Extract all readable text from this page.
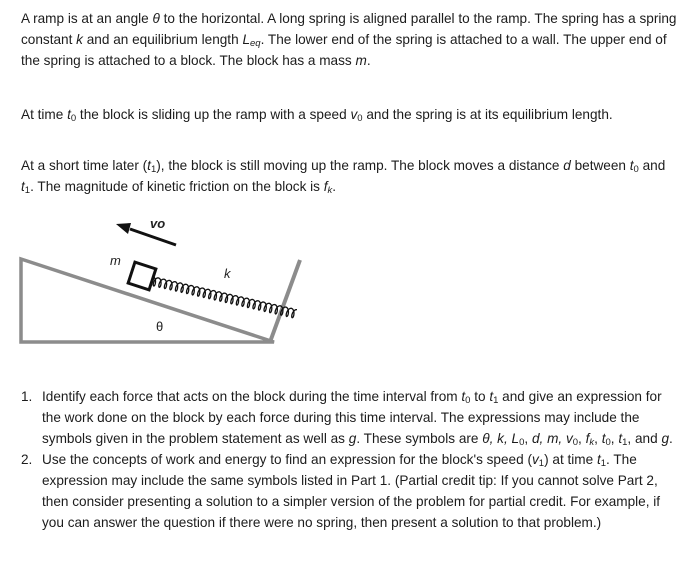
A ramp is at an angle θ to the horizontal. A long spring is aligned parallel to the ramp. The spring has a spring constant k and an equilibrium length $L_{eq}$. The lower end of the spring is attached to a wall. The upper end of the spring is attached to a block. The block has a mass m.

At time $t_0$ the block is sliding up the ramp with a speed $v_0$ and the spring is at its equilibrium length.

At a short time later $(t_1)$, the block is still moving up the ramp. The block moves a distance d between $t_0$ and $t_1$. The magnitude of kinetic friction on the block is $f_k$.

vo
m
k
θ
1. Identify each force that acts on the block during the time interval from $t_0$ to $t_1$ and give an expression for the work done on the block by each force during this time interval. The expressions may include the symbols given in the problem statement as well as g. These symbols are θ, k, $L_0$, d, m, $v_0$, $f_k$, $t_0$, $t_1$, and g.
2. Use the concepts of work and energy to find an expression for the block's speed $(v_1)$ at time $t_1$. The expression may include the same symbols listed in Part 1. (Partial credit tip: If you cannot solve Part 2, then consider presenting a solution to a simpler version of the problem for partial credit. For example, if you can answer the question if there were no spring, then present a solution to that problem.)
